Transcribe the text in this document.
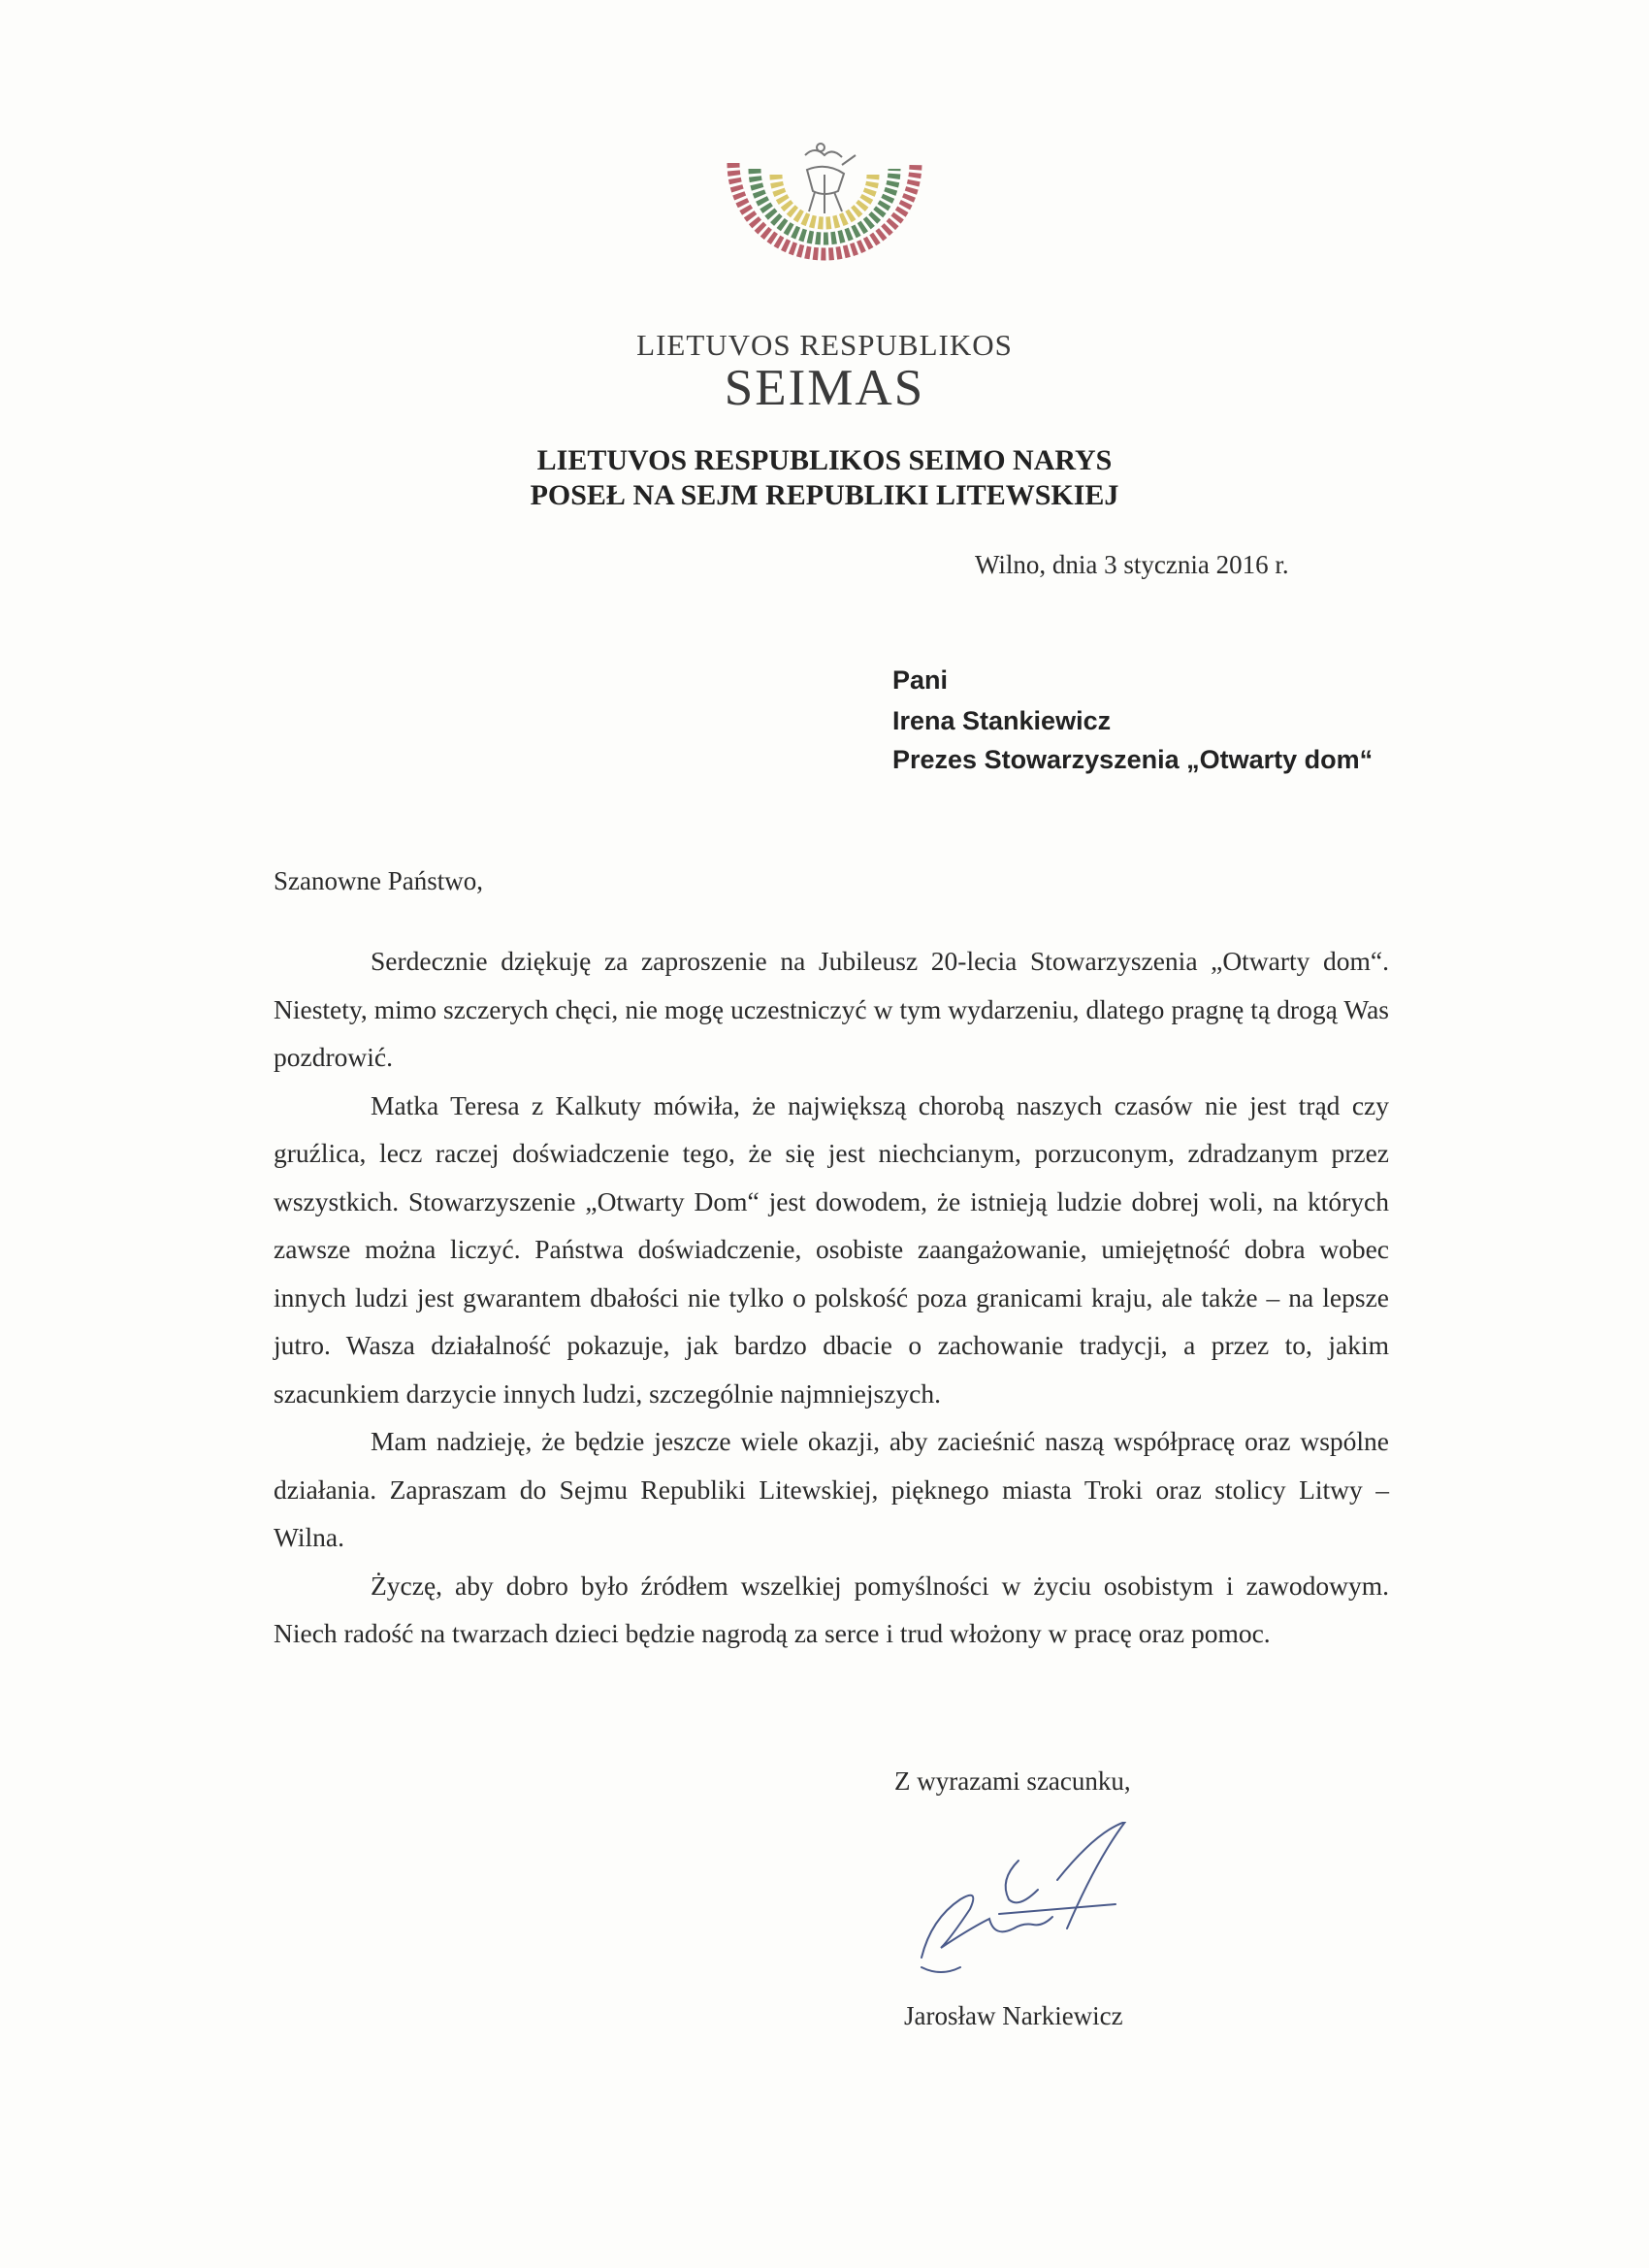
LIETUVOS RESPUBLIKOS
SEIMAS
LIETUVOS RESPUBLIKOS SEIMO NARYS
POSEŁ NA SEJM REPUBLIKI LITEWSKIEJ
Wilno, dnia 3 stycznia 2016 r.
Pani
Irena Stankiewicz
Prezes Stowarzyszenia „Otwarty dom“
Szanowne Państwo,

Serdecznie dziękuję za zaproszenie na Jubileusz 20-lecia Stowarzyszenia „Otwarty dom“. Niestety, mimo szczerych chęci, nie mogę uczestniczyć w tym wydarzeniu, dlatego pragnę tą drogą Was pozdrowić.

Matka Teresa z Kalkuty mówiła, że największą chorobą naszych czasów nie jest trąd czy gruźlica, lecz raczej doświadczenie tego, że się jest niechcianym, porzuconym, zdradzanym przez wszystkich. Stowarzyszenie „Otwarty Dom“ jest dowodem, że istnieją ludzie dobrej woli, na których zawsze można liczyć. Państwa doświadczenie, osobiste zaangażowanie, umiejętność dobra wobec innych ludzi jest gwarantem dbałości nie tylko o polskość poza granicami kraju, ale także – na lepsze jutro. Wasza działalność pokazuje, jak bardzo dbacie o zachowanie tradycji, a przez to, jakim szacunkiem darzycie innych ludzi, szczególnie najmniejszych.

Mam nadzieję, że będzie jeszcze wiele okazji, aby zacieśnić naszą współpracę oraz wspólne działania. Zapraszam do Sejmu Republiki Litewskiej, pięknego miasta Troki oraz stolicy Litwy – Wilna.

Życzę, aby dobro było źródłem wszelkiej pomyślności w życiu osobistym i zawodowym. Niech radość na twarzach dzieci będzie nagrodą za serce i trud włożony w pracę oraz pomoc.

Z wyrazami szacunku,
Jarosław Narkiewicz
